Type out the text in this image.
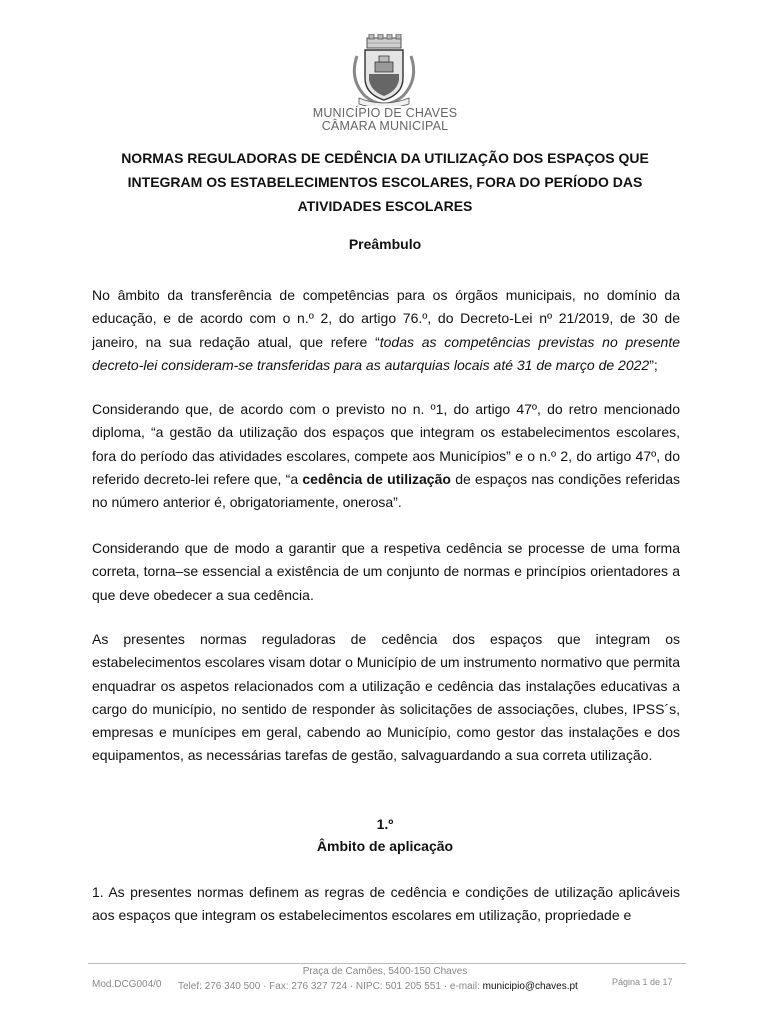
MUNICÍPIO DE CHAVES
CÂMARA MUNICIPAL
NORMAS REGULADORAS DE CEDÊNCIA DA UTILIZAÇÃO DOS ESPAÇOS QUE INTEGRAM OS ESTABELECIMENTOS ESCOLARES, FORA DO PERÍODO DAS ATIVIDADES ESCOLARES
Preâmbulo
No âmbito da transferência de competências para os órgãos municipais, no domínio da educação, e de acordo com o n.º 2, do artigo 76.º, do Decreto-Lei nº 21/2019, de 30 de janeiro, na sua redação atual, que refere “todas as competências previstas no presente decreto-lei consideram-se transferidas para as autarquias locais até 31 de março de 2022”;
Considerando que, de acordo com o previsto no n. º1, do artigo 47º, do retro mencionado diploma, “a gestão da utilização dos espaços que integram os estabelecimentos escolares, fora do período das atividades escolares, compete aos Municípios” e o n.º 2, do artigo 47º, do referido decreto-lei refere que, “a cedência de utilização de espaços nas condições referidas no número anterior é, obrigatoriamente, onerosa”.
Considerando que de modo a garantir que a respetiva cedência se processe de uma forma correta, torna–se essencial a existência de um conjunto de normas e princípios orientadores a que deve obedecer a sua cedência.
As presentes normas reguladoras de cedência dos espaços que integram os estabelecimentos escolares visam dotar o Município de um instrumento normativo que permita enquadrar os aspetos relacionados com a utilização e cedência das instalações educativas a cargo do município, no sentido de responder às solicitações de associações, clubes, IPSS´s, empresas e munícipes em geral, cabendo ao Município, como gestor das instalações e dos equipamentos, as necessárias tarefas de gestão, salvaguardando a sua correta utilização.
1.º
Âmbito de aplicação
1. As presentes normas definem as regras de cedência e condições de utilização aplicáveis aos espaços que integram os estabelecimentos escolares em utilização, propriedade e
Mod.DCG004/0
Praça de Camões, 5400-150 Chaves
Telef: 276 340 500 · Fax: 276 327 724 · NIPC: 501 205 551 · e-mail: municipio@chaves.pt	Página 1 de 17
